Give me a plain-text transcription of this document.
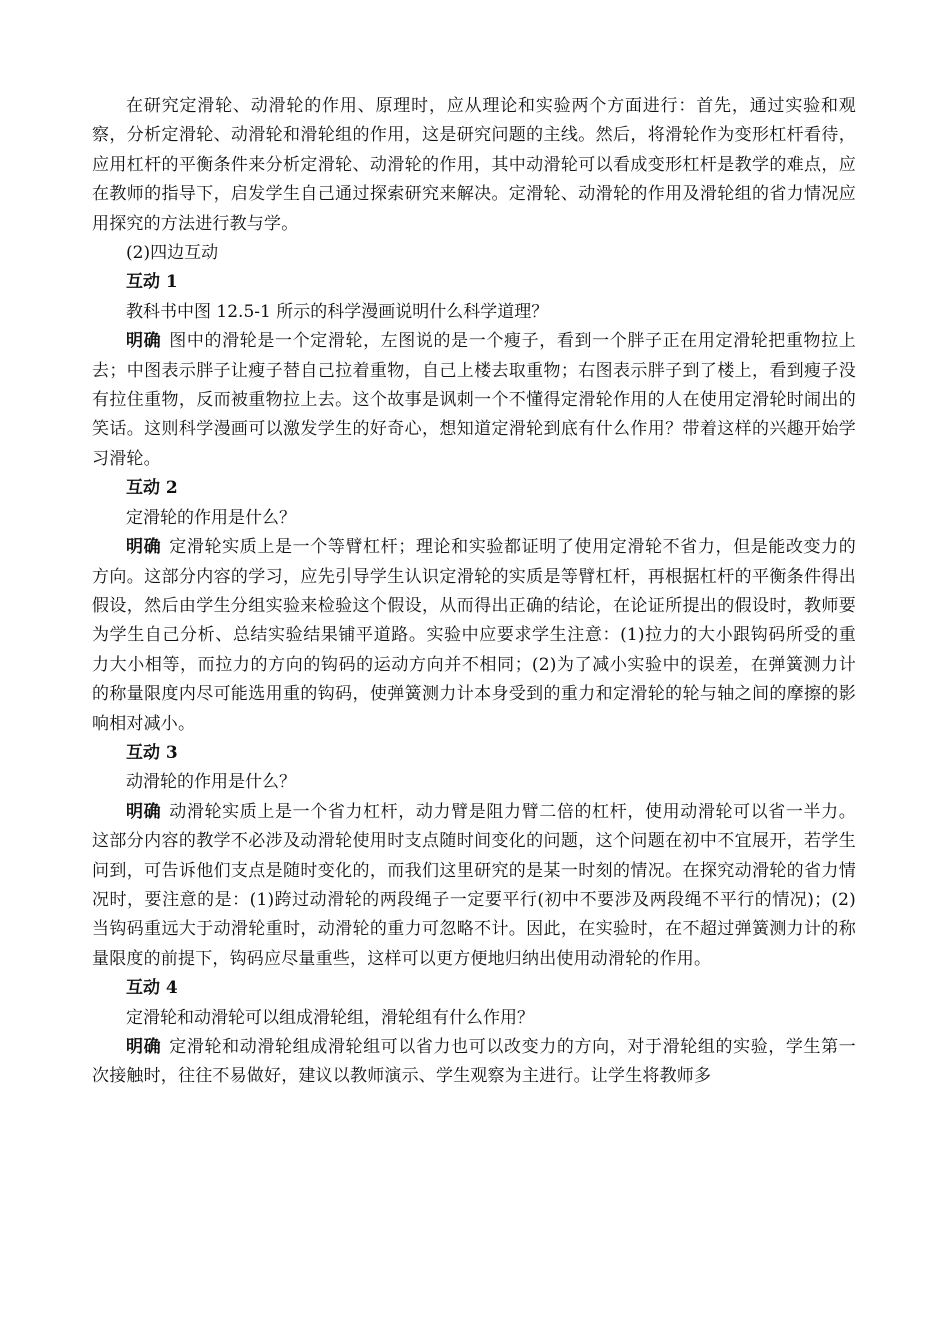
在研究定滑轮、动滑轮的作用、原理时，应从理论和实验两个方面进行：首先，通过实验和观察，分析定滑轮、动滑轮和滑轮组的作用，这是研究问题的主线。然后，将滑轮作为变形杠杆看待，应用杠杆的平衡条件来分析定滑轮、动滑轮的作用，其中动滑轮可以看成变形杠杆是教学的难点，应在教师的指导下，启发学生自己通过探索研究来解决。定滑轮、动滑轮的作用及滑轮组的省力情况应用探究的方法进行教与学。

(2)四边互动

互动 1

教科书中图 12.5-1 所示的科学漫画说明什么科学道理？

明确 图中的滑轮是一个定滑轮，左图说的是一个瘦子，看到一个胖子正在用定滑轮把重物拉上去；中图表示胖子让瘦子替自己拉着重物，自己上楼去取重物；右图表示胖子到了楼上，看到瘦子没有拉住重物，反而被重物拉上去。这个故事是讽刺一个不懂得定滑轮作用的人在使用定滑轮时闹出的笑话。这则科学漫画可以激发学生的好奇心，想知道定滑轮到底有什么作用？带着这样的兴趣开始学习滑轮。

互动 2

定滑轮的作用是什么？

明确 定滑轮实质上是一个等臂杠杆；理论和实验都证明了使用定滑轮不省力，但是能改变力的方向。这部分内容的学习，应先引导学生认识定滑轮的实质是等臂杠杆，再根据杠杆的平衡条件得出假设，然后由学生分组实验来检验这个假设，从而得出正确的结论，在论证所提出的假设时，教师要为学生自己分析、总结实验结果铺平道路。实验中应要求学生注意：(1)拉力的大小跟钩码所受的重力大小相等，而拉力的方向的钩码的运动方向并不相同；(2)为了减小实验中的误差，在弹簧测力计的称量限度内尽可能选用重的钩码，使弹簧测力计本身受到的重力和定滑轮的轮与轴之间的摩擦的影响相对减小。

互动 3

动滑轮的作用是什么？

明确 动滑轮实质上是一个省力杠杆，动力臂是阻力臂二倍的杠杆，使用动滑轮可以省一半力。这部分内容的教学不必涉及动滑轮使用时支点随时间变化的问题，这个问题在初中不宜展开，若学生问到，可告诉他们支点是随时变化的，而我们这里研究的是某一时刻的情况。在探究动滑轮的省力情况时，要注意的是：(1)跨过动滑轮的两段绳子一定要平行(初中不要涉及两段绳不平行的情况)；(2)当钩码重远大于动滑轮重时，动滑轮的重力可忽略不计。因此，在实验时，在不超过弹簧测力计的称量限度的前提下，钩码应尽量重些，这样可以更方便地归纳出使用动滑轮的作用。

互动 4

定滑轮和动滑轮可以组成滑轮组，滑轮组有什么作用？

明确 定滑轮和动滑轮组成滑轮组可以省力也可以改变力的方向，对于滑轮组的实验，学生第一次接触时，往往不易做好，建议以教师演示、学生观察为主进行。让学生将教师多
